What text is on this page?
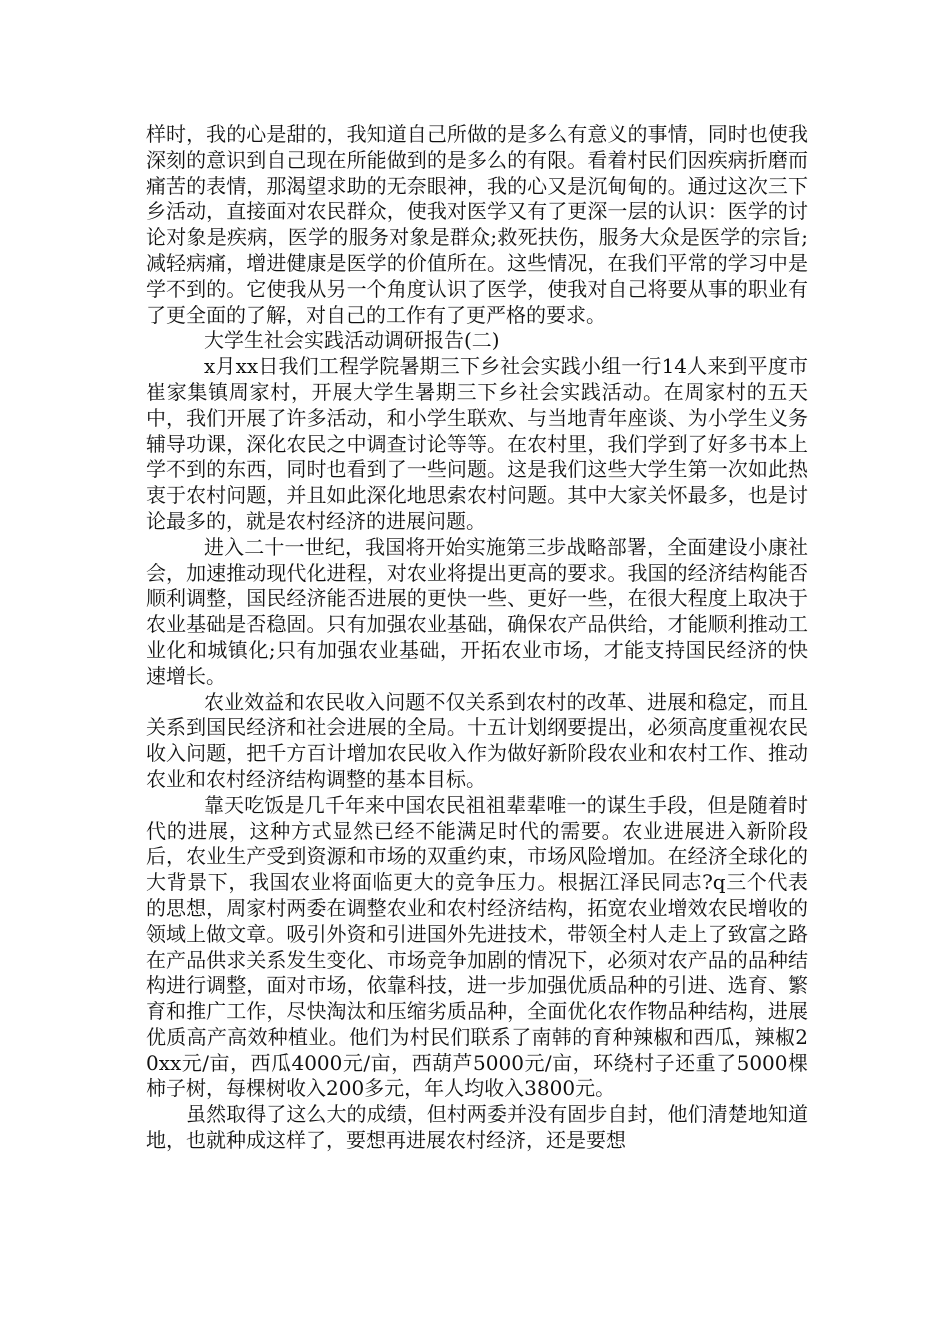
样时，我的心是甜的，我知道自己所做的是多么有意义的事情，同时也使我深刻的意识到自己现在所能做到的是多么的有限。看着村民们因疾病折磨而痛苦的表情，那渴望求助的无奈眼神，我的心又是沉甸甸的。通过这次三下乡活动，直接面对农民群众，使我对医学又有了更深一层的认识：医学的讨论对象是疾病，医学的服务对象是群众;救死扶伤，服务大众是医学的宗旨;减轻病痛，增进健康是医学的价值所在。这些情况，在我们平常的学习中是学不到的。它使我从另一个角度认识了医学，使我对自己将要从事的职业有了更全面的了解，对自己的工作有了更严格的要求。

大学生社会实践活动调研报告(二)

x月xx日我们工程学院暑期三下乡社会实践小组一行14人来到平度市崔家集镇周家村，开展大学生暑期三下乡社会实践活动。在周家村的五天中，我们开展了许多活动，和小学生联欢、与当地青年座谈、为小学生义务辅导功课，深化农民之中调查讨论等等。在农村里，我们学到了好多书本上学不到的东西，同时也看到了一些问题。这是我们这些大学生第一次如此热衷于农村问题，并且如此深化地思索农村问题。其中大家关怀最多，也是讨论最多的，就是农村经济的进展问题。

进入二十一世纪，我国将开始实施第三步战略部署，全面建设小康社会，加速推动现代化进程，对农业将提出更高的要求。我国的经济结构能否顺利调整，国民经济能否进展的更快一些、更好一些，在很大程度上取决于农业基础是否稳固。只有加强农业基础，确保农产品供给，才能顺利推动工业化和城镇化;只有加强农业基础，开拓农业市场，才能支持国民经济的快速增长。

农业效益和农民收入问题不仅关系到农村的改革、进展和稳定，而且关系到国民经济和社会进展的全局。十五计划纲要提出，必须高度重视农民收入问题，把千方百计增加农民收入作为做好新阶段农业和农村工作、推动农业和农村经济结构调整的基本目标。

靠天吃饭是几千年来中国农民祖祖辈辈唯一的谋生手段，但是随着时代的进展，这种方式显然已经不能满足时代的需要。农业进展进入新阶段后，农业生产受到资源和市场的双重约束，市场风险增加。在经济全球化的大背景下，我国农业将面临更大的竞争压力。根据江泽民同志?q三个代表的思想，周家村两委在调整农业和农村经济结构，拓宽农业增效农民增收的领域上做文章。吸引外资和引进国外先进技术，带领全村人走上了致富之路在产品供求关系发生变化、市场竞争加剧的情况下，必须对农产品的品种结构进行调整，面对市场，依靠科技，进一步加强优质品种的引进、选育、繁育和推广工作，尽快淘汰和压缩劣质品种，全面优化农作物品种结构，进展优质高产高效种植业。他们为村民们联系了南韩的育种辣椒和西瓜，辣椒20xx元/亩，西瓜4000元/亩，西葫芦5000元/亩，环绕村子还重了5000棵柿子树，每棵树收入200多元，年人均收入3800元。

虽然取得了这么大的成绩，但村两委并没有固步自封，他们清楚地知道地，也就种成这样了，要想再进展农村经济，还是要想
